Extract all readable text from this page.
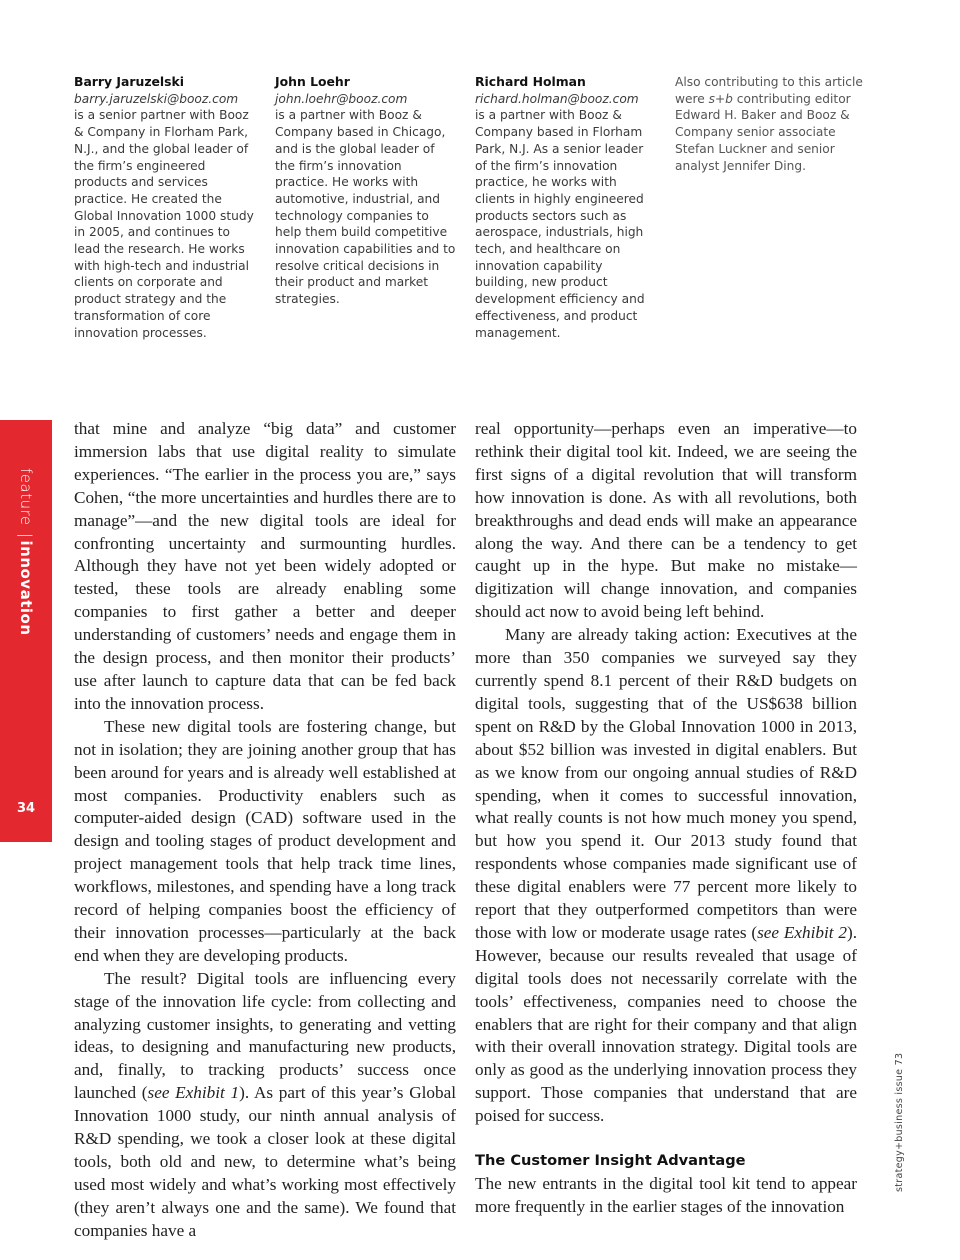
Barry Jaruzelski

barry.jaruzelski@booz.com

is a senior partner with Booz & Company in Florham Park, N.J., and the global leader of the firm’s engineered products and services practice. He created the Global Innovation 1000 study in 2005, and continues to lead the research. He works with high-tech and industrial clients on corporate and product strategy and the transformation of core innovation processes.

John Loehr

john.loehr@booz.com

is a partner with Booz & Company based in Chicago, and is the global leader of the firm’s innovation practice. He works with automotive, industrial, and technology companies to help them build competitive innovation capabilities and to resolve critical decisions in their product and market strategies.

Richard Holman

richard.holman@booz.com

is a partner with Booz & Company based in Florham Park, N.J. As a senior leader of the firm’s innovation practice, he works with clients in highly engineered products sectors such as aerospace, industrials, high tech, and healthcare on innovation capability building, new product development efficiency and effectiveness, and product management.

Also contributing to this article were s+b contributing editor Edward H. Baker and Booz & Company senior associate Stefan Luckner and senior analyst Jennifer Ding.

feature |innovation
34

that mine and analyze “big data” and customer immersion labs that use digital reality to simulate experiences. “The earlier in the process you are,” says Cohen, “the more uncertainties and hurdles there are to manage”—and the new digital tools are ideal for confronting uncertainty and surmounting hurdles. Although they have not yet been widely adopted or tested, these tools are already enabling some companies to first gather a better and deeper understanding of customers’ needs and engage them in the design process, and then monitor their products’ use after launch to capture data that can be fed back into the innovation process.

These new digital tools are fostering change, but not in isolation; they are joining another group that has been around for years and is already well established at most companies. Productivity enablers such as computer-aided design (CAD) software used in the design and tooling stages of product development and project management tools that help track time lines, workflows, milestones, and spending have a long track record of helping companies boost the efficiency of their innovation processes—particularly at the back end when they are developing products.

The result? Digital tools are influencing every stage of the innovation life cycle: from collecting and analyzing customer insights, to generating and vetting ideas, to designing and manufacturing new products, and, finally, to tracking products’ success once launched (see Exhibit 1). As part of this year’s Global Innovation 1000 study, our ninth annual analysis of R&D spending, we took a closer look at these digital tools, both old and new, to determine what’s being used most widely and what’s working most effectively (they aren’t always one and the same). We found that companies have a

real opportunity—perhaps even an imperative—to rethink their digital tool kit. Indeed, we are seeing the first signs of a digital revolution that will transform how innovation is done. As with all revolutions, both breakthroughs and dead ends will make an appearance along the way. And there can be a tendency to get caught up in the hype. But make no mistake—digitization will change innovation, and companies should act now to avoid being left behind.

Many are already taking action: Executives at the more than 350 companies we surveyed say they currently spend 8.1 percent of their R&D budgets on digital tools, suggesting that of the US$638 billion spent on R&D by the Global Innovation 1000 in 2013, about $52 billion was invested in digital enablers. But as we know from our ongoing annual studies of R&D spending, when it comes to successful innovation, what really counts is not how much money you spend, but how you spend it. Our 2013 study found that respondents whose companies made significant use of these digital enablers were 77 percent more likely to report that they outperformed competitors than were those with low or moderate usage rates (see Exhibit 2). However, because our results revealed that usage of digital tools does not necessarily correlate with the tools’ effectiveness, companies need to choose the enablers that are right for their company and that align with their overall innovation strategy. Digital tools are only as good as the underlying innovation process they support. Those companies that understand that are poised for success.

The Customer Insight Advantage

The new entrants in the digital tool kit tend to appear more frequently in the earlier stages of the innovation

strategy+business issue 73
